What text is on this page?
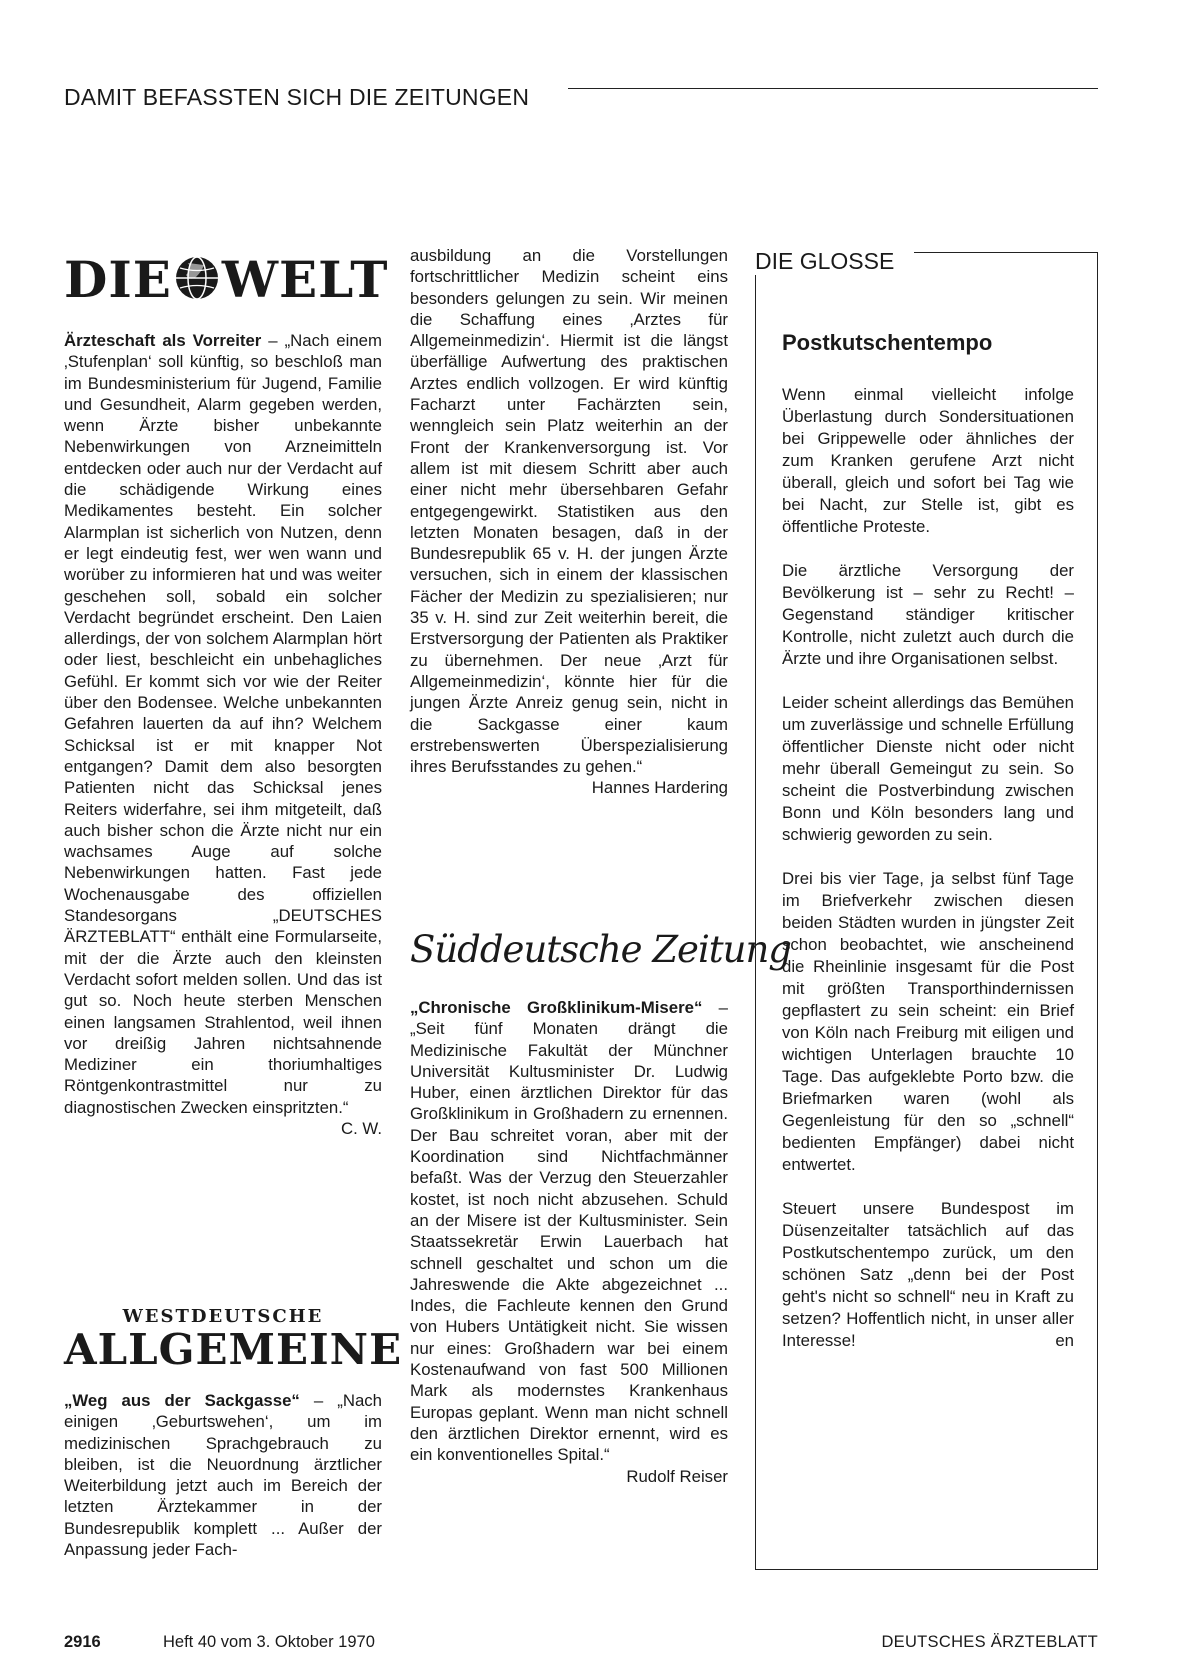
DAMIT BEFASSTEN SICH DIE ZEITUNGEN
DIE WELT

Ärzteschaft als Vorreiter – „Nach einem ‚Stufenplan‘ soll künftig, so beschloß man im Bundesministerium für Jugend, Familie und Gesundheit, Alarm gegeben werden, wenn Ärzte bisher unbekannte Nebenwirkungen von Arzneimitteln entdecken oder auch nur der Verdacht auf die schädigende Wirkung eines Medikamentes besteht. Ein solcher Alarmplan ist sicherlich von Nutzen, denn er legt eindeutig fest, wer wen wann und worüber zu informieren hat und was weiter geschehen soll, sobald ein solcher Verdacht begründet erscheint. Den Laien allerdings, der von solchem Alarmplan hört oder liest, beschleicht ein unbehagliches Gefühl. Er kommt sich vor wie der Reiter über den Bodensee. Welche unbekannten Gefahren lauerten da auf ihn? Welchem Schicksal ist er mit knapper Not entgangen? Damit dem also besorgten Patienten nicht das Schicksal jenes Reiters widerfahre, sei ihm mitgeteilt, daß auch bisher schon die Ärzte nicht nur ein wachsames Auge auf solche Nebenwirkungen hatten. Fast jede Wochenausgabe des offiziellen Standesorgans „DEUTSCHES ÄRZTEBLATT“ enthält eine Formularseite, mit der die Ärzte auch den kleinsten Verdacht sofort melden sollen. Und das ist gut so. Noch heute sterben Menschen einen langsamen Strahlentod, weil ihnen vor dreißig Jahren nichtsahnende Mediziner ein thoriumhaltiges Röntgenkontrastmittel nur zu diagnostischen Zwecken einspritzten.“
C. W.

WESTDEUTSCHE
ALLGEMEINE

„Weg aus der Sackgasse“ – „Nach einigen ‚Geburtswehen‘, um im medizinischen Sprachgebrauch zu bleiben, ist die Neuordnung ärztlicher Weiterbildung jetzt auch im Bereich der letzten Ärztekammer in der Bundesrepublik komplett ... Außer der Anpassung jeder Fach-

ausbildung an die Vorstellungen fortschrittlicher Medizin scheint eins besonders gelungen zu sein. Wir meinen die Schaffung eines ‚Arztes für Allgemeinmedizin‘. Hiermit ist die längst überfällige Aufwertung des praktischen Arztes endlich vollzogen. Er wird künftig Facharzt unter Fachärzten sein, wenngleich sein Platz weiterhin an der Front der Krankenversorgung ist. Vor allem ist mit diesem Schritt aber auch einer nicht mehr übersehbaren Gefahr entgegengewirkt. Statistiken aus den letzten Monaten besagen, daß in der Bundesrepublik 65 v. H. der jungen Ärzte versuchen, sich in einem der klassischen Fächer der Medizin zu spezialisieren; nur 35 v. H. sind zur Zeit weiterhin bereit, die Erstversorgung der Patienten als Praktiker zu übernehmen. Der neue ‚Arzt für Allgemeinmedizin‘, könnte hier für die jungen Ärzte Anreiz genug sein, nicht in die Sackgasse einer kaum erstrebenswerten Überspezialisierung ihres Berufsstandes zu gehen.“

Hannes Hardering

Süddeutsche Zeitung

„Chronische Großklinikum-Misere“ – „Seit fünf Monaten drängt die Medizinische Fakultät der Münchner Universität Kultusminister Dr. Ludwig Huber, einen ärztlichen Direktor für das Großklinikum in Großhadern zu ernennen. Der Bau schreitet voran, aber mit der Koordination sind Nichtfachmänner befaßt. Was der Verzug den Steuerzahler kostet, ist noch nicht abzusehen. Schuld an der Misere ist der Kultusminister. Sein Staatssekretär Erwin Lauerbach hat schnell geschaltet und schon um die Jahreswende die Akte abgezeichnet ... Indes, die Fachleute kennen den Grund von Hubers Untätigkeit nicht. Sie wissen nur eines: Großhadern war bei einem Kostenaufwand von fast 500 Millionen Mark als modernstes Krankenhaus Europas geplant. Wenn man nicht schnell den ärztlichen Direktor ernennt, wird es ein konventionelles Spital.“

Rudolf Reiser

DIE GLOSSE
Postkutschentempo

Wenn einmal vielleicht infolge Überlastung durch Sondersituationen bei Grippewelle oder ähnliches der zum Kranken gerufene Arzt nicht überall, gleich und sofort bei Tag wie bei Nacht, zur Stelle ist, gibt es öffentliche Proteste.

Die ärztliche Versorgung der Bevölkerung ist – sehr zu Recht! – Gegenstand ständiger kritischer Kontrolle, nicht zuletzt auch durch die Ärzte und ihre Organisationen selbst.

Leider scheint allerdings das Bemühen um zuverlässige und schnelle Erfüllung öffentlicher Dienste nicht oder nicht mehr überall Gemeingut zu sein. So scheint die Postverbindung zwischen Bonn und Köln besonders lang und schwierig geworden zu sein.

Drei bis vier Tage, ja selbst fünf Tage im Briefverkehr zwischen diesen beiden Städten wurden in jüngster Zeit schon beobachtet, wie anscheinend die Rheinlinie insgesamt für die Post mit größten Transporthindernissen gepflastert zu sein scheint: ein Brief von Köln nach Freiburg mit eiligen und wichtigen Unterlagen brauchte 10 Tage. Das aufgeklebte Porto bzw. die Briefmarken waren (wohl als Gegenleistung für den so „schnell“ bedienten Empfänger) dabei nicht entwertet.

Steuert unsere Bundespost im Düsenzeitalter tatsächlich auf das Postkutschentempo zurück, um den schönen Satz „denn bei der Post geht's nicht so schnell“ neu in Kraft zu setzen? Hoffentlich nicht, in unser aller Interesse!	en

2916	Heft 40 vom 3. Oktober 1970	DEUTSCHES ÄRZTEBLATT
